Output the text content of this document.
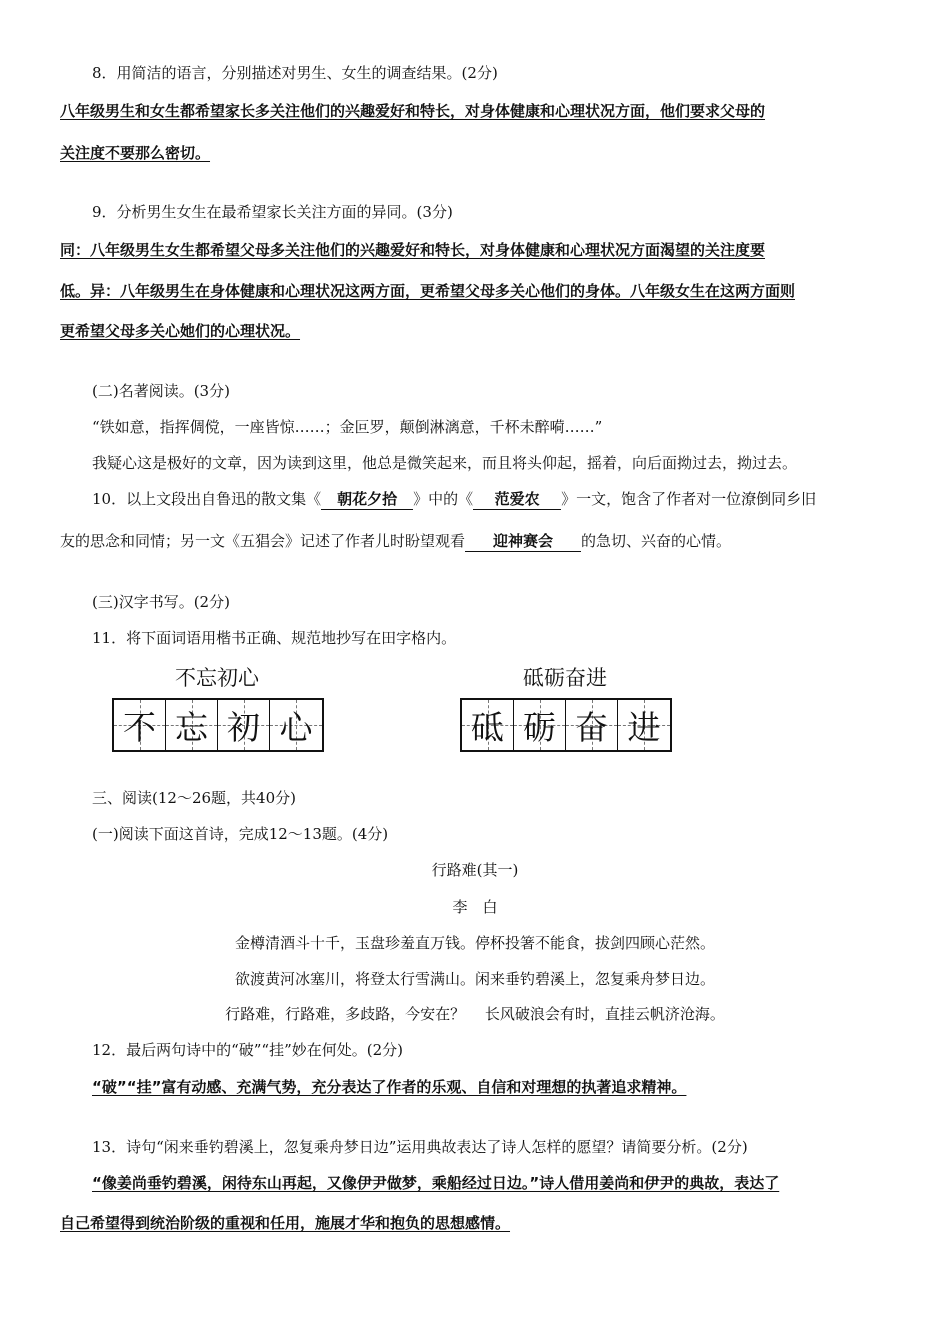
8．用简洁的语言，分别描述对男生、女生的调查结果。(2分)
八年级男生和女生都希望家长多关注他们的兴趣爱好和特长，对身体健康和心理状况方面，他们要求父母的
关注度不要那么密切。
9．分析男生女生在最希望家长关注方面的异同。(3分)
同：八年级男生女生都希望父母多关注他们的兴趣爱好和特长，对身体健康和心理状况方面渴望的关注度要
低。异：八年级男生在身体健康和心理状况这两方面，更希望父母多关心他们的身体。八年级女生在这两方面则
更希望父母多关心她们的心理状况。
(二)名著阅读。(3分)
“铁如意，指挥倜傥，一座皆惊……；金叵罗，颠倒淋漓意，千杯未醉嗬……”
我疑心这是极好的文章，因为读到这里，他总是微笑起来，而且将头仰起，摇着，向后面拗过去，拗过去。
10．以上文段出自鲁迅的散文集《 朝花夕拾 》中的《 范爱农 》一文，饱含了作者对一位潦倒同乡旧
友的思念和同情；另一文《五猖会》记述了作者儿时盼望观看 迎神赛会 的急切、兴奋的心情。
(三)汉字书写。(2分)
11．将下面词语用楷书正确、规范地抄写在田字格内。
不忘初心
不 忘 初 心
砥砺奋进
砥 砺 奋 进
三、阅读(12～26题，共40分)
(一)阅读下面这首诗，完成12～13题。(4分)
行路难(其一)
李　白
金樽清酒斗十千，玉盘珍羞直万钱。停杯投箸不能食，拔剑四顾心茫然。
欲渡黄河冰塞川，将登太行雪满山。闲来垂钓碧溪上，忽复乘舟梦日边。
行路难，行路难，多歧路，今安在？　 长风破浪会有时，直挂云帆济沧海。
12．最后两句诗中的“破”“挂”妙在何处。(2分)
“破”“挂”富有动感、充满气势，充分表达了作者的乐观、自信和对理想的执著追求精神。
13．诗句“闲来垂钓碧溪上，忽复乘舟梦日边”运用典故表达了诗人怎样的愿望？请简要分析。(2分)
“像姜尚垂钓碧溪，闲待东山再起，又像伊尹做梦，乘船经过日边。”诗人借用姜尚和伊尹的典故，表达了
自己希望得到统治阶级的重视和任用，施展才华和抱负的思想感情。
